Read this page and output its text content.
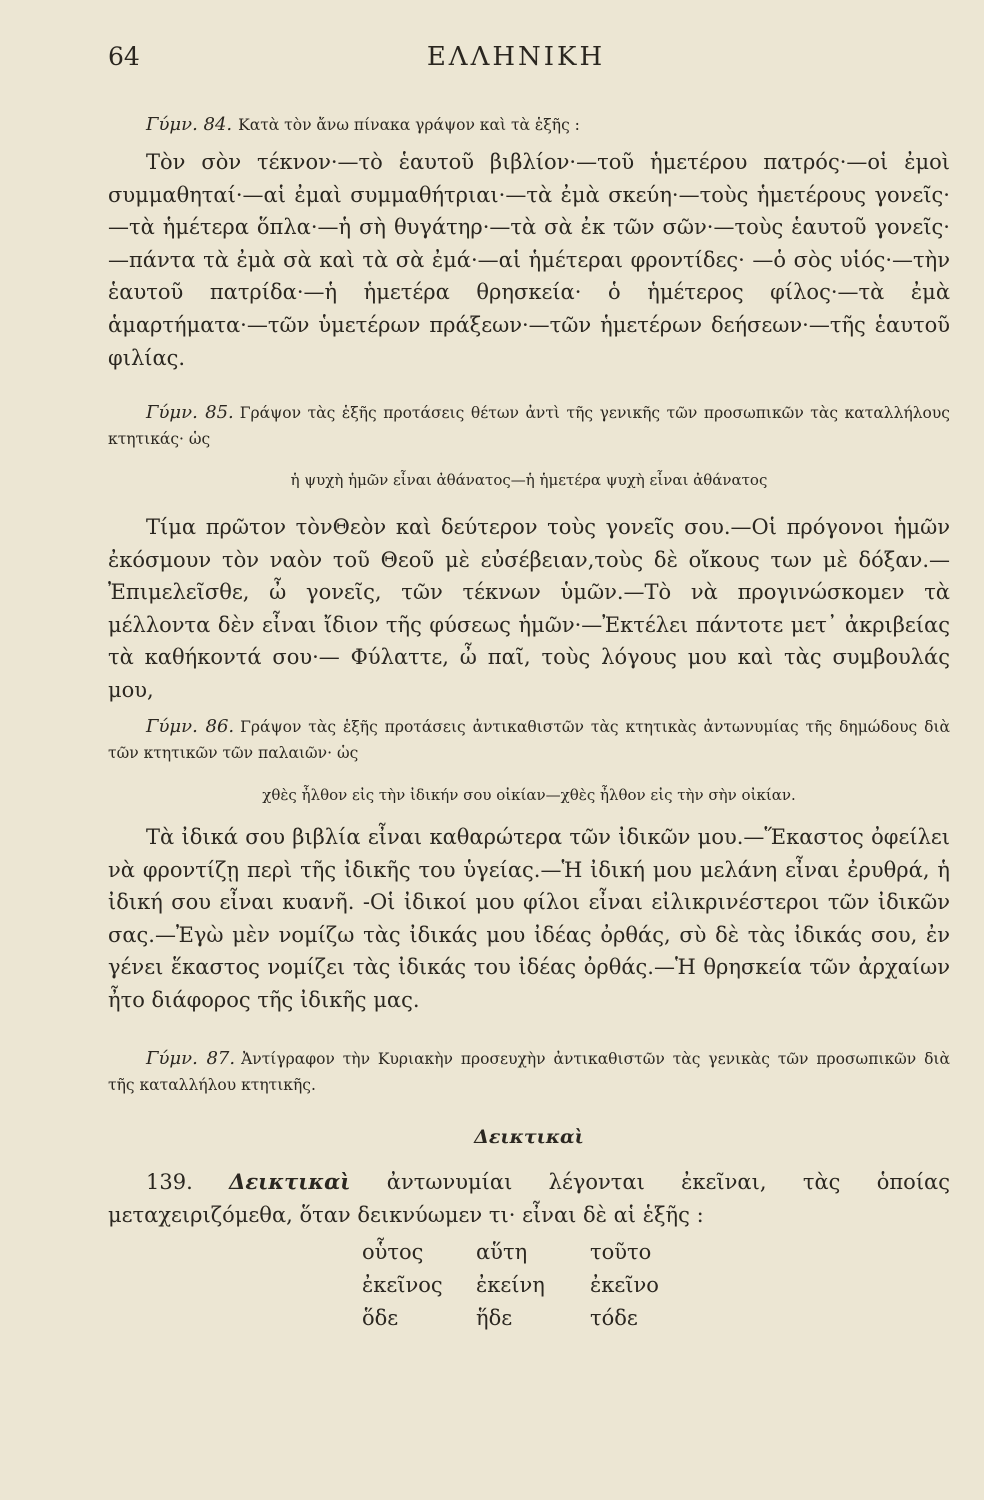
64	ΕΛΛΗΝΙΚΗ
Γύμν. 84. Κατὰ τὸν ἄνω πίνακα γράψον καὶ τὰ ἑξῆς :
Τὸν σὸν τέκνον·—τὸ ἑαυτοῦ βιβλίον·—τοῦ ἡμετέρου πατρός·—οἱ ἐμοὶ συμμαθηταί·—αἱ ἐμαὶ συμμαθήτριαι·—τὰ ἐμὰ σκεύη·—τοὺς ἡμετέρους γονεῖς·—τὰ ἡμέτερα ὅπλα·—ἡ σὴ θυγάτηρ·—τὰ σὰ ἐκ τῶν σῶν·—τοὺς ἑαυτοῦ γονεῖς·—πάντα τὰ ἐμὰ σὰ καὶ τὰ σὰ ἐμά·—αἱ ἡμέτεραι φροντίδες· —ὁ σὸς υἱός·—τὴν ἑαυτοῦ πατρίδα·—ἡ ἡμετέρα θρησκεία· ὁ ἡμέτερος φίλος·—τὰ ἐμὰ ἁμαρτήματα·—τῶν ὑμετέρων πράξεων·—τῶν ἡμετέρων δεήσεων·—τῆς ἑαυτοῦ φιλίας.
Γύμν. 85. Γράψον τὰς ἑξῆς προτάσεις θέτων ἀντὶ τῆς γενικῆς τῶν προσωπικῶν τὰς καταλλήλους κτητικάς· ὡς
ἡ ψυχὴ ἡμῶν εἶναι ἀθάνατος—ἡ ἡμετέρα ψυχὴ εἶναι ἀθάνατος
Τίμα πρῶτον τὸνΘεὸν καὶ δεύτερον τοὺς γονεῖς σου.—Οἱ πρόγονοι ἡμῶν ἐκόσμουν τὸν ναὸν τοῦ Θεοῦ μὲ εὐσέβειαν,τοὺς δὲ οἴκους των μὲ δόξαν.— Ἐπιμελεῖσθε, ὦ γονεῖς, τῶν τέκνων ὑμῶν.—Τὸ νὰ προγινώσκομεν τὰ μέλλοντα δὲν εἶναι ἴδιον τῆς φύσεως ἡμῶν·—Ἐκτέλει πάντοτε μετ᾽ ἀκριβείας τὰ καθήκοντά σου·— Φύλαττε, ὦ παῖ, τοὺς λόγους μου καὶ τὰς συμβουλάς μου,
Γύμν. 86. Γράψον τὰς ἑξῆς προτάσεις ἀντικαθιστῶν τὰς κτητικὰς ἀντωνυμίας τῆς δημώδους διὰ τῶν κτητικῶν τῶν παλαιῶν· ὡς
χθὲς ἦλθον εἰς τὴν ἰδικήν σου οἰκίαν—χθὲς ἦλθον εἰς τὴν σὴν οἰκίαν.
Τὰ ἰδικά σου βιβλία εἶναι καθαρώτερα τῶν ἰδικῶν μου.—Ἕκαστος ὀφείλει νὰ φροντίζῃ περὶ τῆς ἰδικῆς του ὑγείας.—Ἡ ἰδική μου μελάνη εἶναι ἐρυθρά, ἡ ἰδική σου εἶναι κυανῆ. -Οἱ ἰδικοί μου φίλοι εἶναι εἰλικρινέστεροι τῶν ἰδικῶν σας.—Ἐγὼ μὲν νομίζω τὰς ἰδικάς μου ἰδέας ὀρθάς, σὺ δὲ τὰς ἰδικάς σου, ἐν γένει ἕκαστος νομίζει τὰς ἰδικάς του ἰδέας ὀρθάς.—Ἡ θρησκεία τῶν ἀρχαίων ἦτο διάφορος τῆς ἰδικῆς μας.
Γύμν. 87. Ἀντίγραφον τὴν Κυριακὴν προσευχὴν ἀντικαθιστῶν τὰς γενικὰς τῶν προσωπικῶν διὰ τῆς καταλλήλου κτητικῆς.
Δεικτικαὶ
139. Δεικτικαὶ ἀντωνυμίαι λέγονται ἐκεῖναι, τὰς ὁποίας μεταχειριζόμεθα, ὅταν δεικνύωμεν τι· εἶναι δὲ αἱ ἑξῆς :
οὗτος	αὕτη	τοῦτο
ἐκεῖνος	ἐκείνη	ἐκεῖνο
ὅδε	ἥδε	τόδε
